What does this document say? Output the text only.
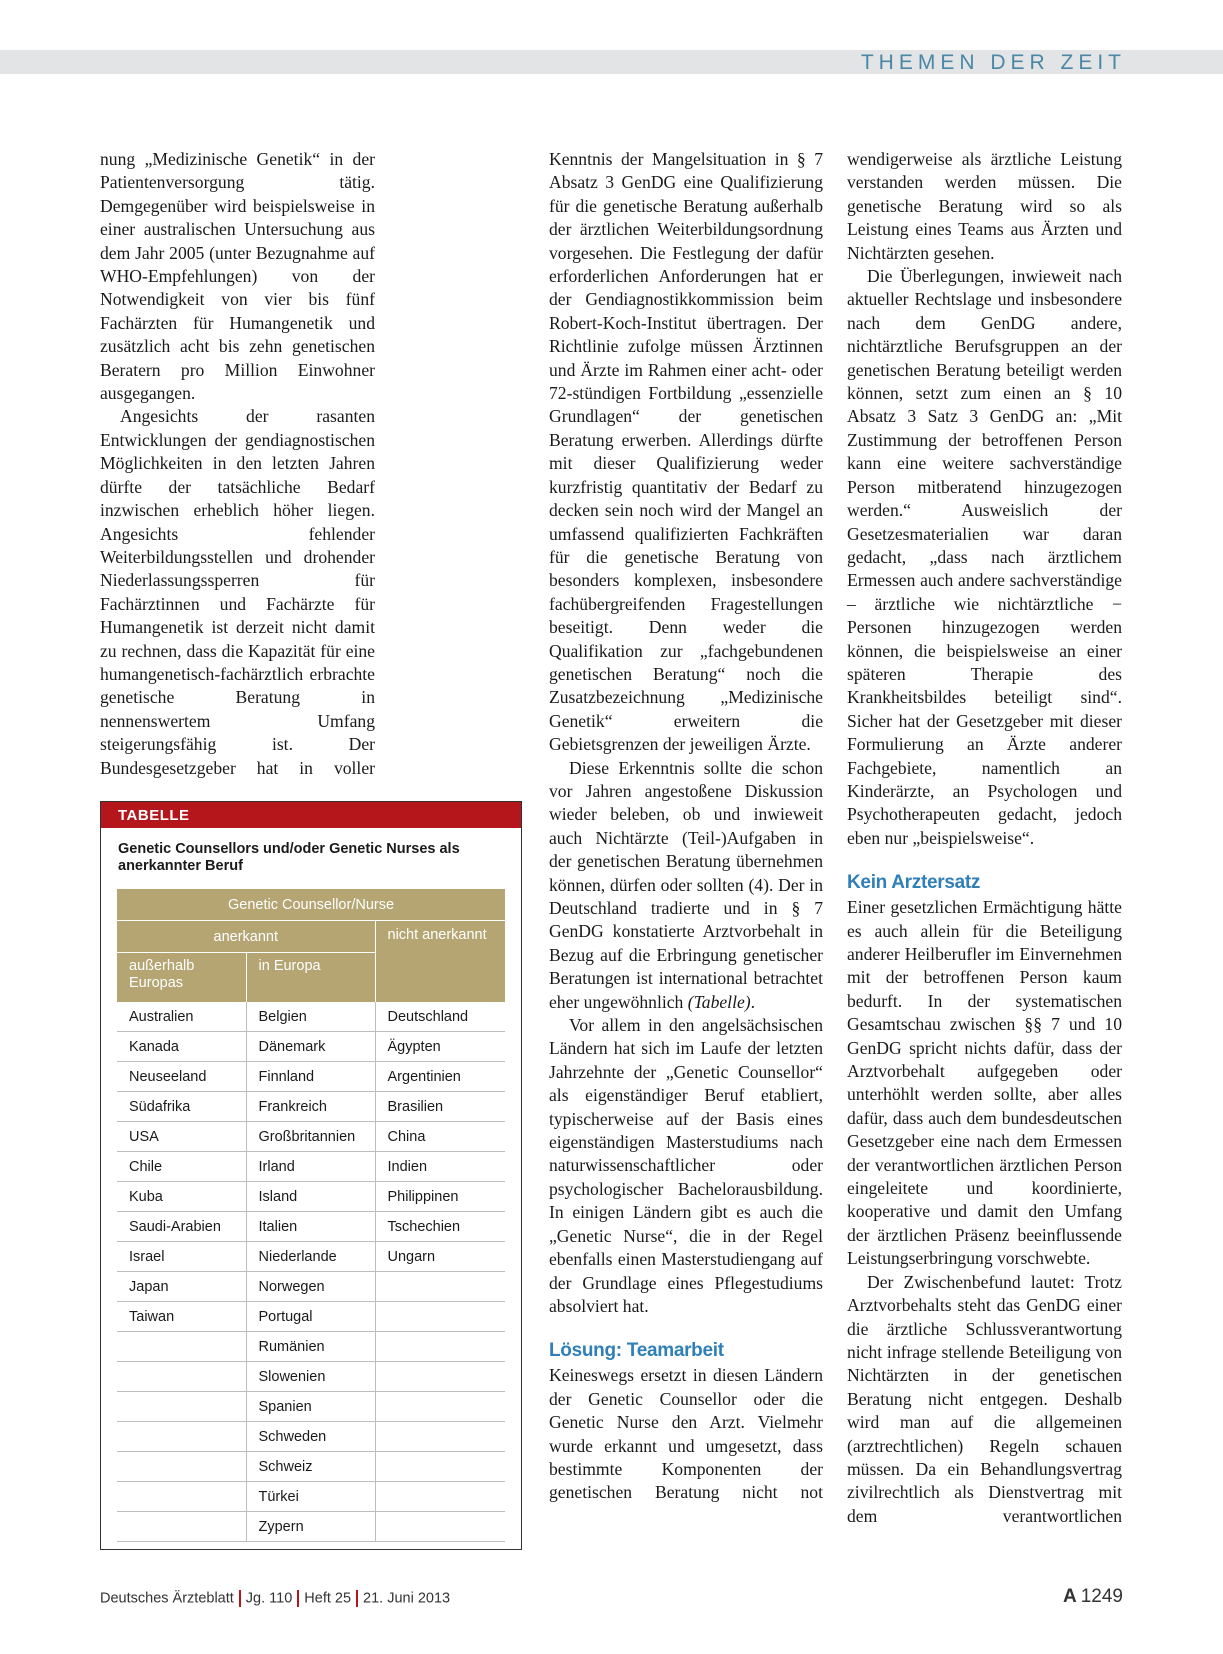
THEMEN DER ZEIT

nung „Medizinische Genetik“ in der Patientenversorgung tätig. Demgegenüber wird beispielsweise in einer australischen Untersuchung aus dem Jahr 2005 (unter Bezugnahme auf WHO-Empfehlungen) von der Notwendigkeit von vier bis fünf Fachärzten für Humangenetik und zusätzlich acht bis zehn genetischen Beratern pro Million Einwohner ausgegangen.

Angesichts der rasanten Entwicklungen der gendiagnostischen Möglichkeiten in den letzten Jahren dürfte der tatsächliche Bedarf inzwischen erheblich höher liegen. Angesichts fehlender Weiterbildungsstellen und drohender Niederlassungssperren für Fachärztinnen und Fachärzte für Humangenetik ist derzeit nicht damit zu rechnen, dass die Kapazität für eine humangenetisch-fachärztlich erbrachte genetische Beratung in nennenswertem Umfang steigerungsfähig ist. Der Bundesgesetzgeber hat in voller

TABELLE
Genetic Counsellors und/oder Genetic Nurses als anerkannter Beruf
Genetic Counsellor/Nurse		
anerkannt		nicht anerkannt
außerhalb Europas	in Europa	
Australien	Belgien	Deutschland
Kanada	Dänemark	Ägypten
Neuseeland	Finnland	Argentinien
Südafrika	Frankreich	Brasilien
USA	Großbritannien	China
Chile	Irland	Indien
Kuba	Island	Philippinen
Saudi-Arabien	Italien	Tschechien
Israel	Niederlande	Ungarn
Japan	Norwegen	
Taiwan	Portugal	
	Rumänien	
	Slowenien	
	Spanien	
	Schweden	
	Schweiz	
	Türkei	
	Zypern	

Kenntnis der Mangelsituation in § 7 Absatz 3 GenDG eine Qualifizierung für die genetische Beratung außerhalb der ärztlichen Weiterbildungsordnung vorgesehen. Die Festlegung der dafür erforderlichen Anforderungen hat er der Gendiagnostikkommission beim Robert-Koch-Institut übertragen. Der Richtlinie zufolge müssen Ärztinnen und Ärzte im Rahmen einer acht- oder 72-stündigen Fortbildung „essenzielle Grundlagen“ der genetischen Beratung erwerben. Allerdings dürfte mit dieser Qualifizierung weder kurzfristig quantitativ der Bedarf zu decken sein noch wird der Mangel an umfassend qualifizierten Fachkräften für die genetische Beratung von besonders komplexen, insbesondere fachübergreifenden Fragestellungen beseitigt. Denn weder die Qualifikation zur „fachgebundenen genetischen Beratung“ noch die Zusatzbezeichnung „Medizinische Genetik“ erweitern die Gebietsgrenzen der jeweiligen Ärzte.

Diese Erkenntnis sollte die schon vor Jahren angestoßene Diskussion wieder beleben, ob und inwieweit auch Nichtärzte (Teil-)Aufgaben in der genetischen Beratung übernehmen können, dürfen oder sollten (4). Der in Deutschland tradierte und in § 7 GenDG konstatierte Arztvorbehalt in Bezug auf die Erbringung genetischer Beratungen ist international betrachtet eher ungewöhnlich (Tabelle).

Vor allem in den angelsächsischen Ländern hat sich im Laufe der letzten Jahrzehnte der „Genetic Counsellor“ als eigenständiger Beruf etabliert, typischerweise auf der Basis eines eigenständigen Masterstudiums nach naturwissenschaftlicher oder psychologischer Bachelorausbildung. In einigen Ländern gibt es auch die „Genetic Nurse“, die in der Regel ebenfalls einen Masterstudiengang auf der Grundlage eines Pflegestudiums absolviert hat.

Lösung: Teamarbeit

Keineswegs ersetzt in diesen Ländern der Genetic Counsellor oder die Genetic Nurse den Arzt. Vielmehr wurde erkannt und umgesetzt, dass bestimmte Komponenten der genetischen Beratung nicht not

wendigerweise als ärztliche Leistung verstanden werden müssen. Die genetische Beratung wird so als Leistung eines Teams aus Ärzten und Nichtärzten gesehen.

Die Überlegungen, inwieweit nach aktueller Rechtslage und insbesondere nach dem GenDG andere, nichtärztliche Berufsgruppen an der genetischen Beratung beteiligt werden können, setzt zum einen an § 10 Absatz 3 Satz 3 GenDG an: „Mit Zustimmung der betroffenen Person kann eine weitere sachverständige Person mitberatend hinzugezogen werden.“ Ausweislich der Gesetzesmaterialien war daran gedacht, „dass nach ärztlichem Ermessen auch andere sachverständige – ärztliche wie nichtärztliche − Personen hinzugezogen werden können, die beispielsweise an einer späteren Therapie des Krankheitsbildes beteiligt sind“. Sicher hat der Gesetzgeber mit dieser Formulierung an Ärzte anderer Fachgebiete, namentlich an Kinderärzte, an Psychologen und Psychotherapeuten gedacht, jedoch eben nur „beispielsweise“.

Kein Arztersatz

Einer gesetzlichen Ermächtigung hätte es auch allein für die Beteiligung anderer Heilberufler im Einvernehmen mit der betroffenen Person kaum bedurft. In der systematischen Gesamtschau zwischen §§ 7 und 10 GenDG spricht nichts dafür, dass der Arztvorbehalt aufgegeben oder unterhöhlt werden sollte, aber alles dafür, dass auch dem bundesdeutschen Gesetzgeber eine nach dem Ermessen der verantwortlichen ärztlichen Person eingeleitete und koordinierte, kooperative und damit den Umfang der ärztlichen Präsenz beeinflussende Leistungserbringung vorschwebte.

Der Zwischenbefund lautet: Trotz Arztvorbehalts steht das GenDG einer die ärztliche Schlussverantwortung nicht infrage stellende Beteiligung von Nichtärzten in der genetischen Beratung nicht entgegen. Deshalb wird man auf die allgemeinen (arztrechtlichen) Regeln schauen müssen. Da ein Behandlungsvertrag zivilrechtlich als Dienstvertrag mit dem verantwortlichen

Deutsches Ärzteblatt Jg. 110 Heft 25 21. Juni 2013	A 1249
